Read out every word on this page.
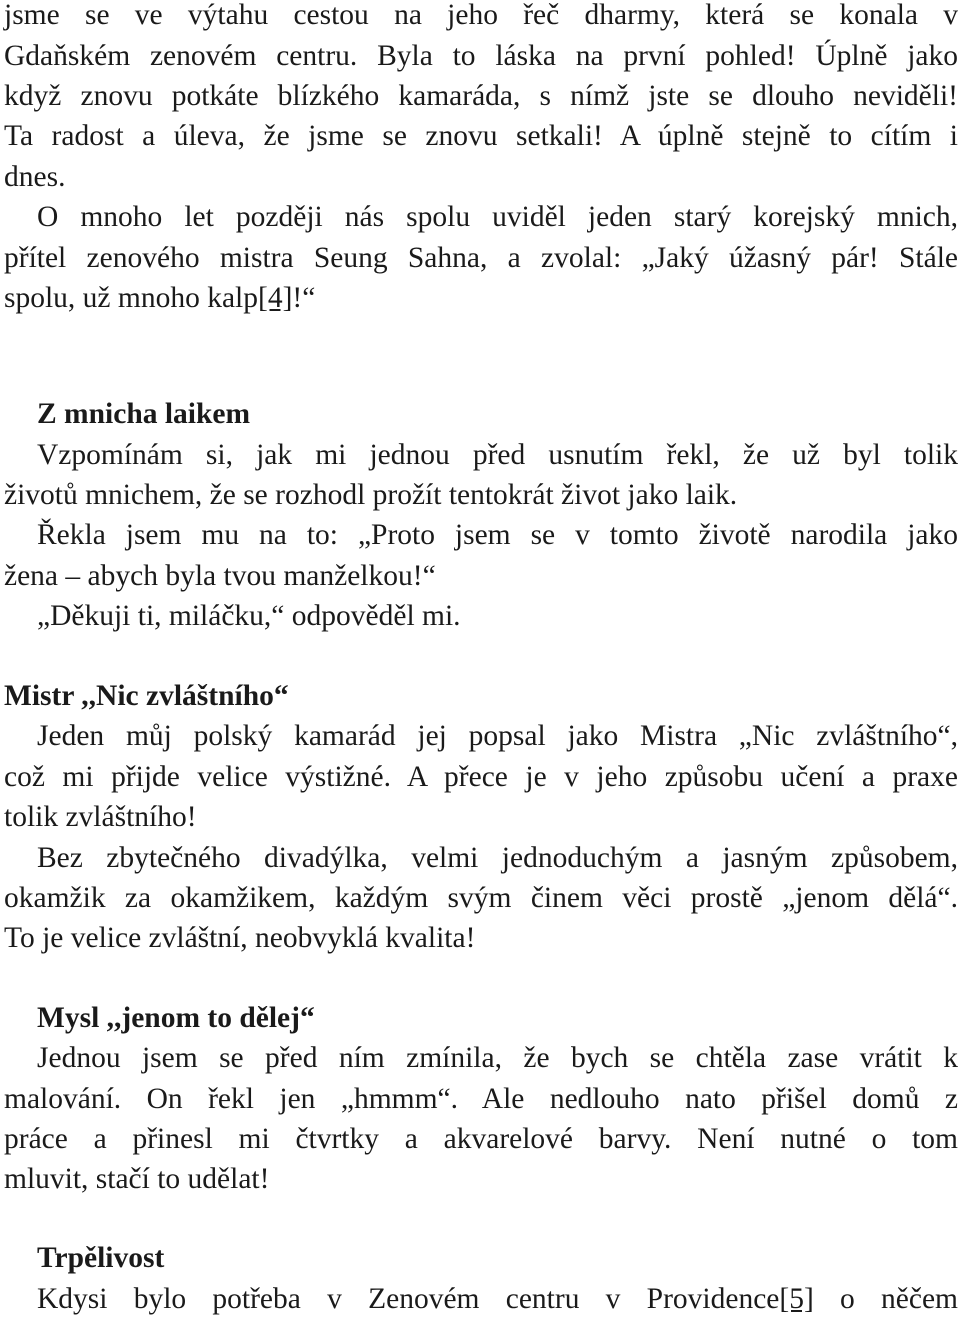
jsme se ve výtahu cestou na jeho řeč dharmy, která se konala v
Gdaňském zenovém centru. Byla to láska na první pohled! Úplně jako
když znovu potkáte blízkého kamaráda, s nímž jste se dlouho neviděli!
Ta radost a úleva, že jsme se znovu setkali! A úplně stejně to cítím i
dnes.
O mnoho let později nás spolu uviděl jeden starý korejský mnich,
přítel zenového mistra Seung Sahna, a zvolal: „Jaký úžasný pár! Stále
spolu, už mnoho kalp[4]!“
Z mnicha laikem
Vzpomínám si, jak mi jednou před usnutím řekl, že už byl tolik
životů mnichem, že se rozhodl prožít tentokrát život jako laik.
Řekla jsem mu na to: „Proto jsem se v tomto životě narodila jako
žena – abych byla tvou manželkou!“
„Děkuji ti, miláčku,“ odpověděl mi.
Mistr ,,Nic zvláštního“
Jeden můj polský kamarád jej popsal jako Mistra „Nic zvláštního“,
což mi přijde velice výstižné. A přece je v jeho způsobu učení a praxe
tolik zvláštního!
Bez zbytečného divadýlka, velmi jednoduchým a jasným způsobem,
okamžik za okamžikem, každým svým činem věci prostě „jenom dělá“.
To je velice zvláštní, neobvyklá kvalita!
Mysl ,,jenom to dělej“
Jednou jsem se před ním zmínila, že bych se chtěla zase vrátit k
malování. On řekl jen „hmmm“. Ale nedlouho nato přišel domů z
práce a přinesl mi čtvrtky a akvarelové barvy. Není nutné o tom
mluvit, stačí to udělat!
Trpělivost
Kdysi bylo potřeba v Zenovém centru v Providence[5] o něčem
